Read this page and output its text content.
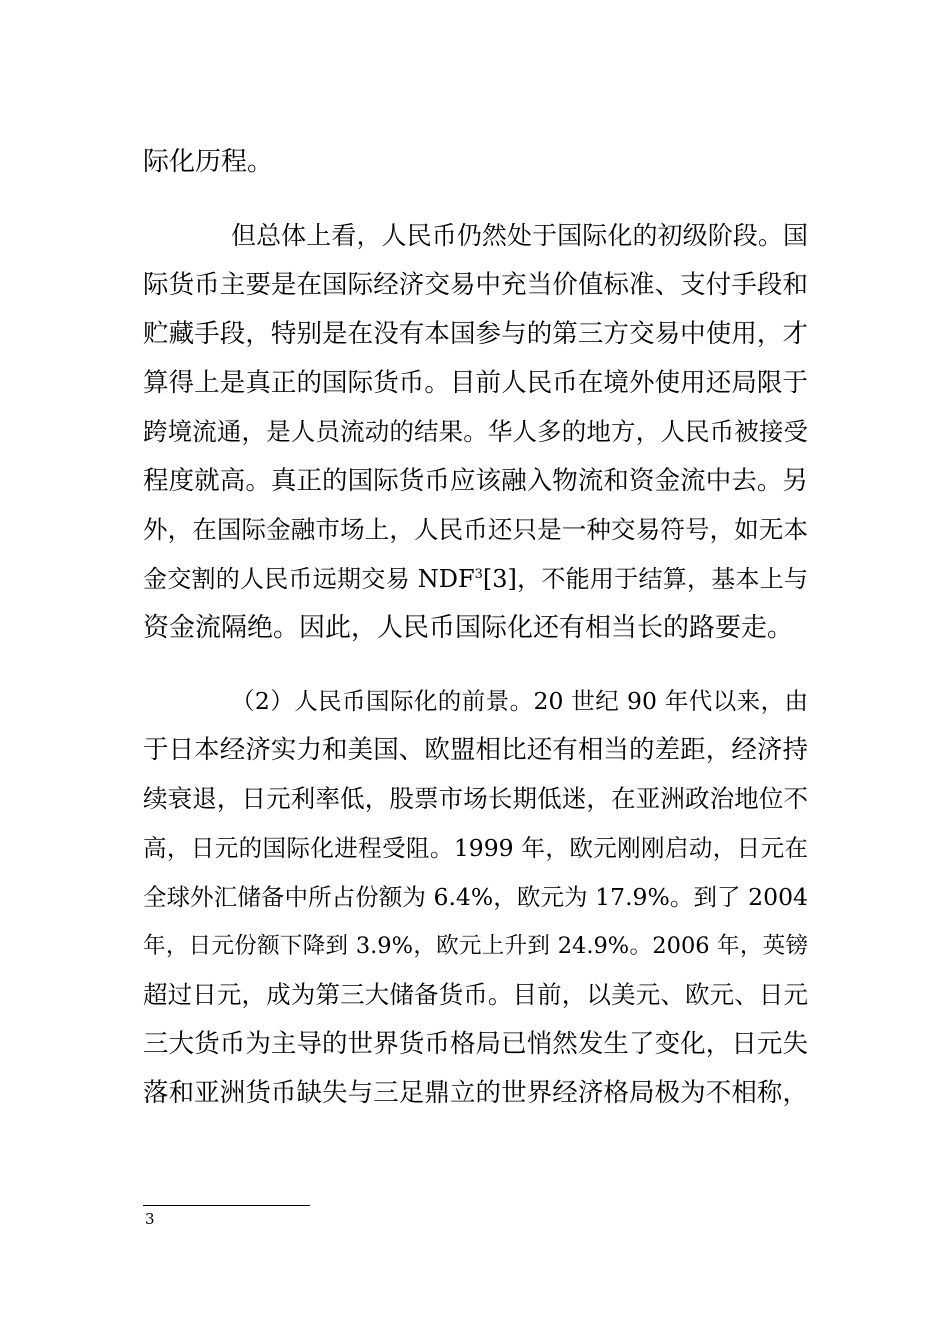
际化历程。
但总体上看，人民币仍然处于国际化的初级阶段。国
际货币主要是在国际经济交易中充当价值标准、支付手段和
贮藏手段，特别是在没有本国参与的第三方交易中使用，才
算得上是真正的国际货币。目前人民币在境外使用还局限于
跨境流通，是人员流动的结果。华人多的地方，人民币被接受
程度就高。真正的国际货币应该融入物流和资金流中去。另
外，在国际金融市场上，人民币还只是一种交易符号，如无本
金交割的人民币远期交易 NDF$^3$[3]，不能用于结算，基本上与
资金流隔绝。因此，人民币国际化还有相当长的路要走。
（2）人民币国际化的前景。20 世纪 90 年代以来，由
于日本经济实力和美国、欧盟相比还有相当的差距，经济持
续衰退，日元利率低，股票市场长期低迷，在亚洲政治地位不
高，日元的国际化进程受阻。1999 年，欧元刚刚启动，日元在
全球外汇储备中所占份额为 6.4%，欧元为 17.9%。到了 2004
年，日元份额下降到 3.9%，欧元上升到 24.9%。2006 年，英镑
超过日元，成为第三大储备货币。目前，以美元、欧元、日元
三大货币为主导的世界货币格局已悄然发生了变化，日元失
落和亚洲货币缺失与三足鼎立的世界经济格局极为不相称，
3
